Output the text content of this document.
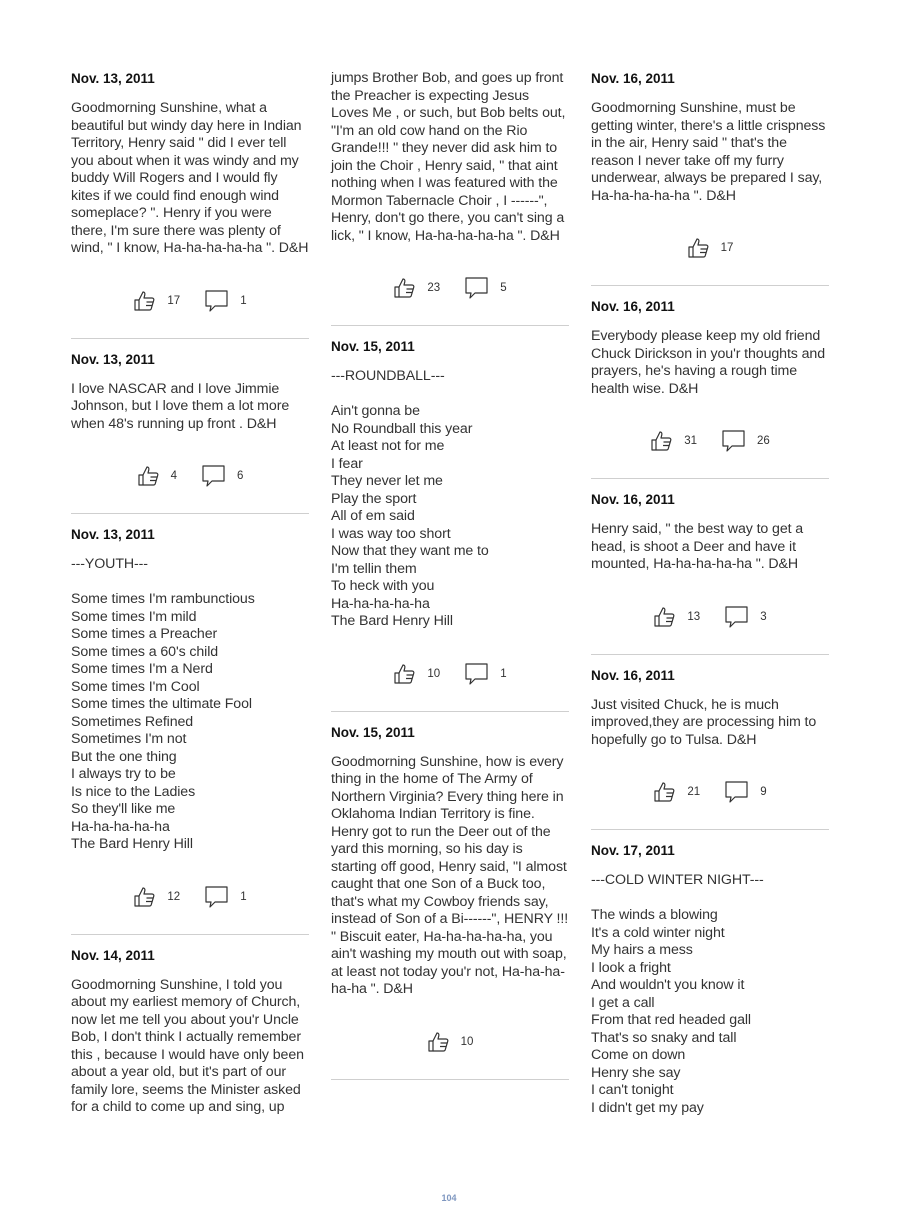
Nov. 13, 2011
Goodmorning Sunshine, what a beautiful but windy day here in Indian Territory, Henry said " did I ever tell you about when it was windy and my buddy Will Rogers and I would fly kites if we could find enough wind someplace? ". Henry if you were there, I'm sure there was plenty of wind, " I know, Ha-ha-ha-ha-ha ". D&H
17	1
Nov. 13, 2011
I love NASCAR and I love Jimmie Johnson, but I love them a lot more when 48's running up front . D&H
4	6
Nov. 13, 2011
---YOUTH---

Some times I'm rambunctious
Some times I'm mild
Some times a Preacher
Some times a 60's child
Some times I'm a Nerd
Some times I'm Cool
Some times the ultimate Fool
Sometimes Refined
Sometimes I'm not
But the one thing
I always try to be
Is nice to the Ladies
So they'll like me
Ha-ha-ha-ha-ha
The Bard Henry Hill
12	1
Nov. 14, 2011
Goodmorning Sunshine, I told you about my earliest memory of Church, now let me tell you about you'r Uncle Bob, I don't think I actually remember this , because I would have only been about a year old, but it's part of our family lore, seems the Minister asked for a child to come up and sing, up
jumps Brother Bob, and goes up front the Preacher is expecting Jesus Loves Me , or such, but Bob belts out, "I'm an old cow hand on the Rio Grande!!! " they never did ask him to join the Choir , Henry said, " that aint nothing when I was featured with the Mormon Tabernacle Choir , I ------", Henry, don't go there, you can't sing a lick, " I know, Ha-ha-ha-ha-ha ". D&H
23	5
Nov. 15, 2011
---ROUNDBALL---

Ain't gonna be
No Roundball this year
At least not for me
I fear
They never let me
Play the sport
All of em said
I was way too short
Now that they want me to
I'm tellin them
To heck with you
Ha-ha-ha-ha-ha
The Bard Henry Hill
10	1
Nov. 15, 2011
Goodmorning Sunshine, how is every thing in the home of The Army of Northern Virginia? Every thing here in Oklahoma Indian Territory is fine. Henry got to run the Deer out of the yard this morning, so his day is starting off good, Henry said, "I almost caught that one Son of a Buck too, that's what my Cowboy friends say, instead of Son of a Bi------", HENRY !!! " Biscuit eater, Ha-ha-ha-ha-ha, you ain't washing my mouth out with soap, at least not today you'r not, Ha-ha-ha-ha-ha ". D&H
10
Nov. 16, 2011
Goodmorning Sunshine, must be getting winter, there's a little crispness in the air, Henry said " that's the reason I never take off my furry underwear, always be prepared I say, Ha-ha-ha-ha-ha ". D&H
17
Nov. 16, 2011
Everybody please keep my old friend Chuck Dirickson in you'r thoughts and prayers, he's having a rough time health wise. D&H
31	26
Nov. 16, 2011
Henry said, " the best way to get a head, is shoot a Deer and have it mounted, Ha-ha-ha-ha-ha ". D&H
13	3
Nov. 16, 2011
Just visited Chuck, he is much improved,they are processing him to hopefully go to Tulsa. D&H
21	9
Nov. 17, 2011
---COLD WINTER NIGHT---

The winds a blowing
It's a cold winter night
My hairs a mess
I look a fright
And wouldn't you know it
I get a call
From that red headed gall
That's so snaky and tall
Come on down
Henry she say
I can't tonight
I didn't get my pay
104
